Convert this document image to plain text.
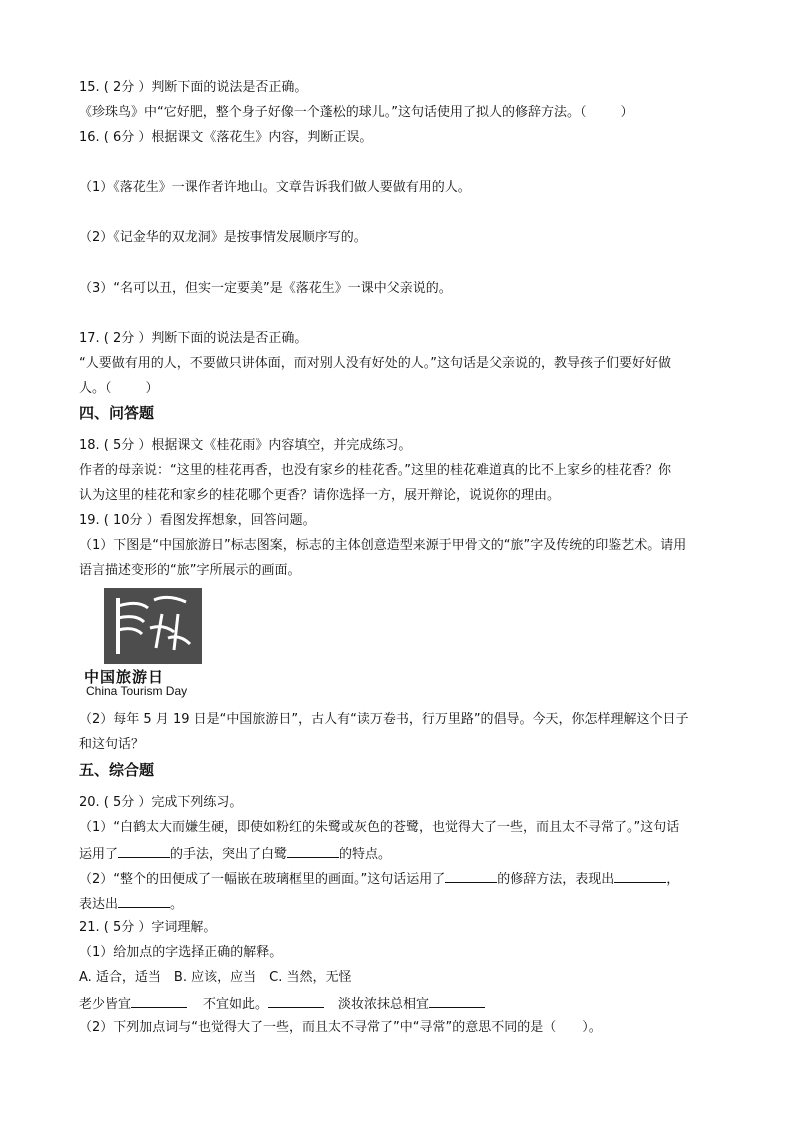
15. ( 2分 ）判断下面的说法是否正确。
《珍珠鸟》中“它好肥，整个身子好像一个蓬松的球儿。”这句话使用了拟人的修辞方法。（	）
16. ( 6分 ）根据课文《落花生》内容，判断正误。
（1）《落花生》一课作者许地山。文章告诉我们做人要做有用的人。
（2）《记金华的双龙洞》是按事情发展顺序写的。
（3）“名可以丑，但实一定要美”是《落花生》一课中父亲说的。
17. ( 2分 ）判断下面的说法是否正确。
“人要做有用的人，不要做只讲体面，而对别人没有好处的人。”这句话是父亲说的，教导孩子们要好好做
人。（	）
四、问答题
18. ( 5分 ）根据课文《桂花雨》内容填空，并完成练习。
作者的母亲说：“这里的桂花再香，也没有家乡的桂花香。”这里的桂花难道真的比不上家乡的桂花香？你
认为这里的桂花和家乡的桂花哪个更香？请你选择一方，展开辩论，说说你的理由。
19. ( 10分 ）看图发挥想象，回答问题。
（1）下图是“中国旅游日”标志图案，标志的主体创意造型来源于甲骨文的“旅”字及传统的印鉴艺术。请用
语言描述变形的“旅”字所展示的画面。
中国旅游日
China Tourism Day
（2）每年 5 月 19 日是“中国旅游日”，古人有“读万卷书，行万里路”的倡导。今天，你怎样理解这个日子
和这句话？
五、综合题
20. ( 5分 ）完成下列练习。
（1）“白鹤太大而嫌生硬，即使如粉红的朱鹭或灰色的苍鹭，也觉得大了一些，而且太不寻常了。”这句话
运用了	的手法，突出了白鹭	的特点。
（2）“整个的田便成了一幅嵌在玻璃框里的画面。”这句话运用了	的修辞方法，表现出	，
表达出	。
21. ( 5分 ）字词理解。
（1）给加点的字选择正确的解释。
A. 适合，适当　B. 应该，应当　C. 当然，无怪
老少皆宜	不宜如此。	淡妆浓抹总相宜
（2）下列加点词与“也觉得大了一些，而且太不寻常了”中“寻常”的意思不同的是（　　）。
